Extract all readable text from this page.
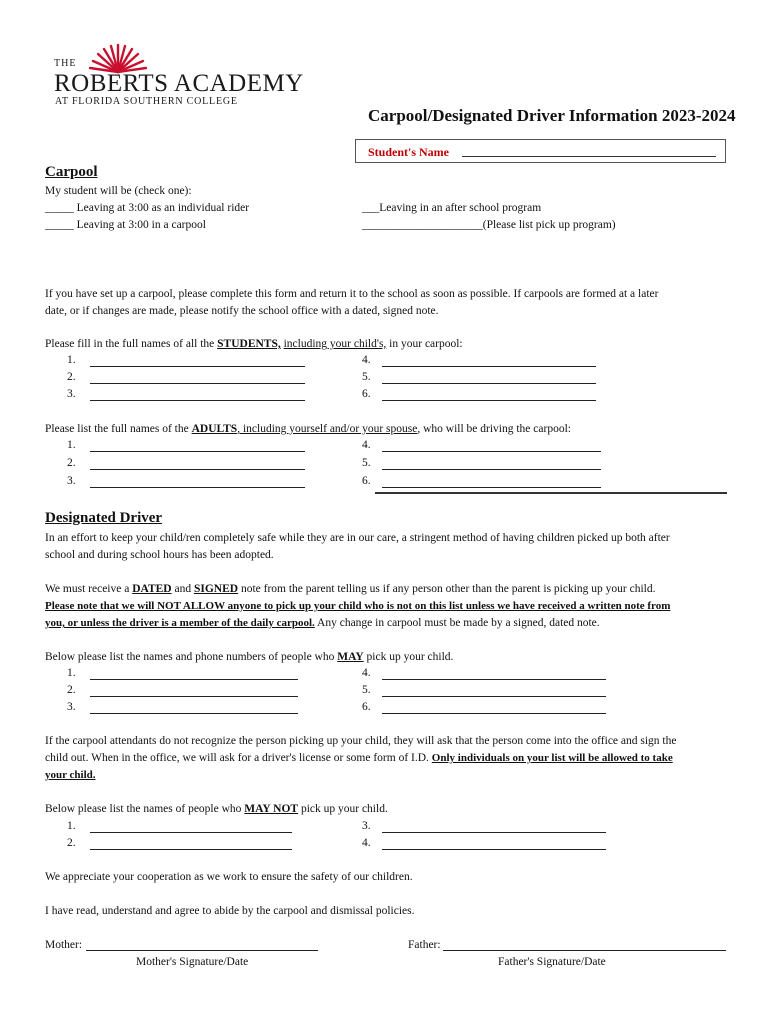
THE
ROBERTS ACADEMY
AT FLORIDA SOUTHERN COLLEGE
Carpool/Designated Driver Information 2023-2024
Student's Name
Carpool
My student will be (check one):
_____ Leaving at 3:00 as an individual rider
_____ Leaving at 3:00 in a carpool
___Leaving in an after school program
_____________________(Please list pick up program)
If you have set up a carpool, please complete this form and return it to the school as soon as possible. If carpools are formed at a later
date, or if changes are made, please notify the school office with a dated, signed note.
Please fill in the full names of all the STUDENTS, including your child's, in your carpool:
1.
2.
3.
4.
5.
6.
Please list the full names of the ADULTS, including yourself and/or your spouse, who will be driving the carpool:
1.
2.
3.
4.
5.
6.
Designated Driver
In an effort to keep your child/ren completely safe while they are in our care, a stringent method of having children picked up both after
school and during school hours has been adopted.
We must receive a DATED and SIGNED note from the parent telling us if any person other than the parent is picking up your child.
Please note that we will NOT ALLOW anyone to pick up your child who is not on this list unless we have received a written note from
you, or unless the driver is a member of the daily carpool. Any change in carpool must be made by a signed, dated note.
Below please list the names and phone numbers of people who MAY pick up your child.
1.
2.
3.
4.
5.
6.
If the carpool attendants do not recognize the person picking up your child, they will ask that the person come into the office and sign the
child out. When in the office, we will ask for a driver's license or some form of I.D. Only individuals on your list will be allowed to take
your child.
Below please list the names of people who MAY NOT pick up your child.
1.
2.
3.
4.
We appreciate your cooperation as we work to ensure the safety of our children.
I have read, understand and agree to abide by the carpool and dismissal policies.
Mother:	Father:
Mother's Signature/Date	Father's Signature/Date
